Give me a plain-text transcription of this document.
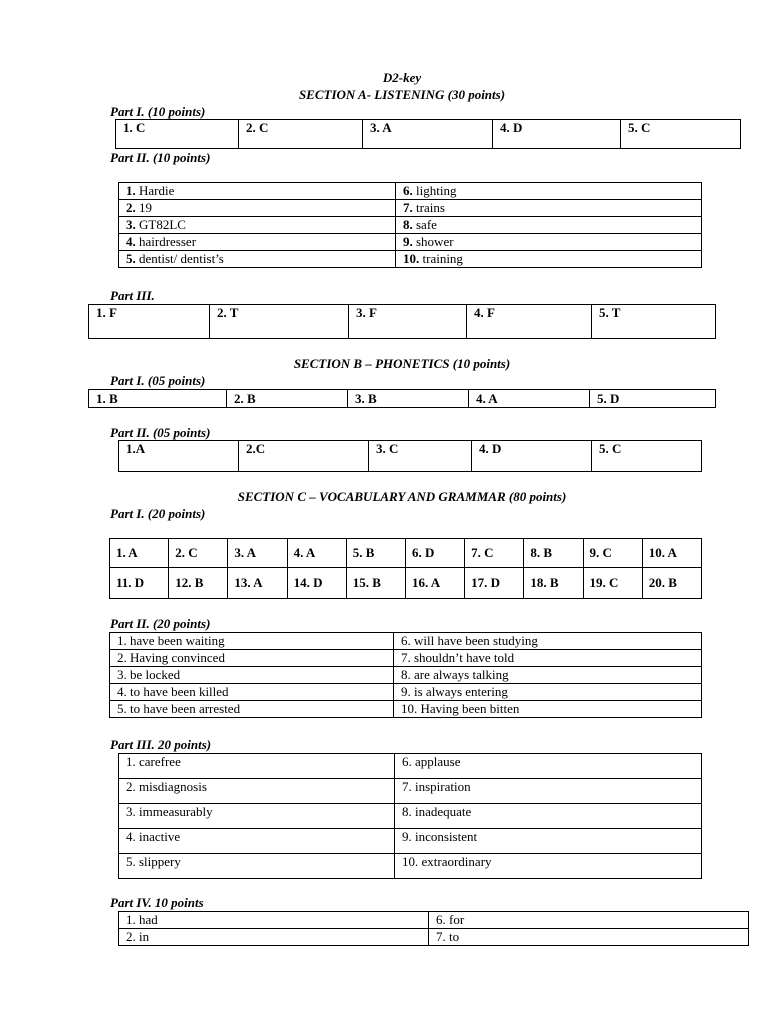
D2-key
SECTION A- LISTENING (30 points)
Part I. (10 points)
1. C	2. C	3. A	4. D	5. C
Part II. (10 points)
1. Hardie	6. lighting
2. 19	7. trains
3. GT82LC	8. safe
4. hairdresser	9. shower
5. dentist/ dentist’s	10. training
Part III.
1. F	2. T	3. F	4. F	5. T
SECTION B – PHONETICS (10 points)
Part I. (05 points)
1. B	2. B	3. B	4. A	5. D
Part II. (05 points)
1.A	2.C	3. C	4. D	5. C
SECTION C – VOCABULARY AND GRAMMAR (80 points)
Part I. (20 points)
1. A	2. C	3. A	4. A	5. B	6. D	7. C	8. B	9. C	10. A
11. D	12. B	13. A	14. D	15. B	16. A	17. D	18. B	19. C	20. B
Part II. (20 points)
1. have been waiting	6. will have been studying
2. Having convinced	7. shouldn’t have told
3. be locked	8. are always talking
4. to have been killed	9. is always entering
5. to have been arrested	10. Having been bitten
Part III. 20 points)
1. carefree	6. applause
2. misdiagnosis	7. inspiration
3. immeasurably	8. inadequate
4. inactive	9. inconsistent
5. slippery	10. extraordinary
Part IV. 10 points
1. had	6. for
2. in	7. to
